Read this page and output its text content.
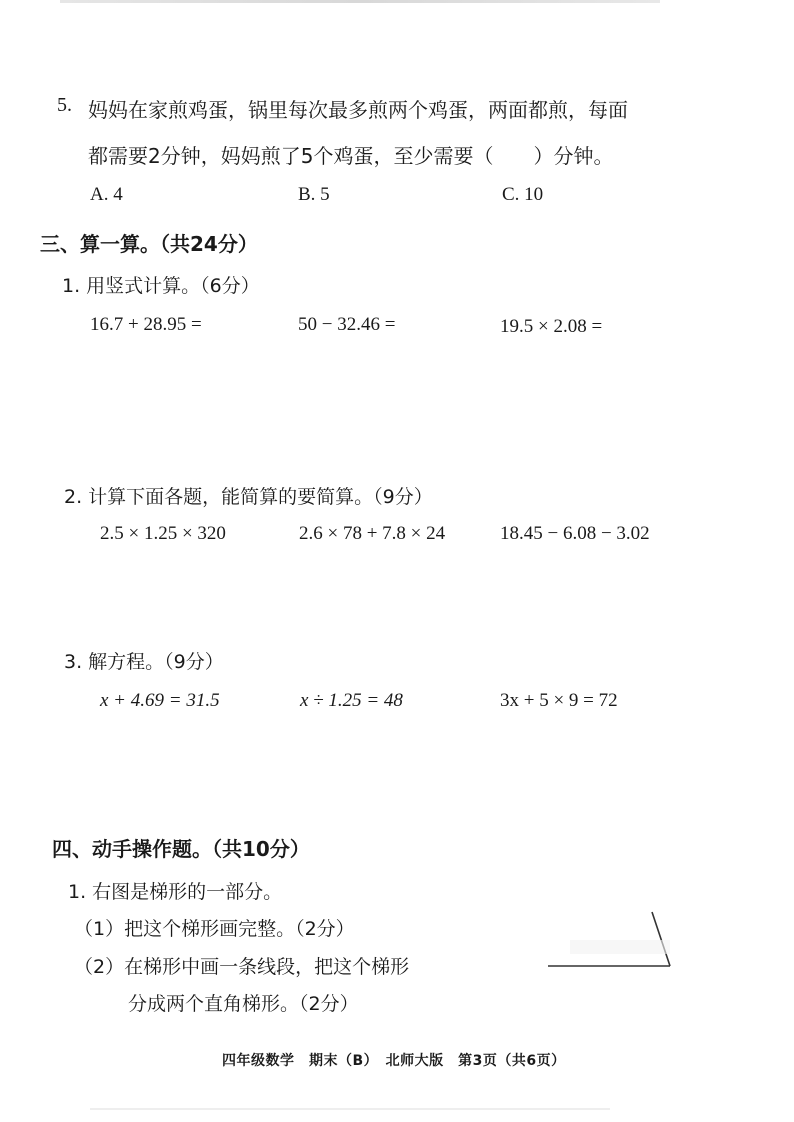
5. 妈妈在家煎鸡蛋，锅里每次最多煎两个鸡蛋，两面都煎，每面
都需要2分钟，妈妈煎了5个鸡蛋，至少需要（　　）分钟。
A. 4	B. 5	C. 10
三、算一算。（共24分）
1. 用竖式计算。（6分）
16.7 + 28.95 =	50 − 32.46 =	19.5 × 2.08 =
2. 计算下面各题，能简算的要简算。（9分）
2.5 × 1.25 × 320	2.6 × 78 + 7.8 × 24	18.45 − 6.08 − 3.02
3. 解方程。（9分）
x + 4.69 = 31.5	x ÷ 1.25 = 48	3x + 5 × 9 = 72
四、动手操作题。（共10分）
1. 右图是梯形的一部分。
（1）把这个梯形画完整。（2分）
（2）在梯形中画一条线段，把这个梯形
分成两个直角梯形。（2分）
四年级数学　期末（B）　北师大版　第3页（共6页）
